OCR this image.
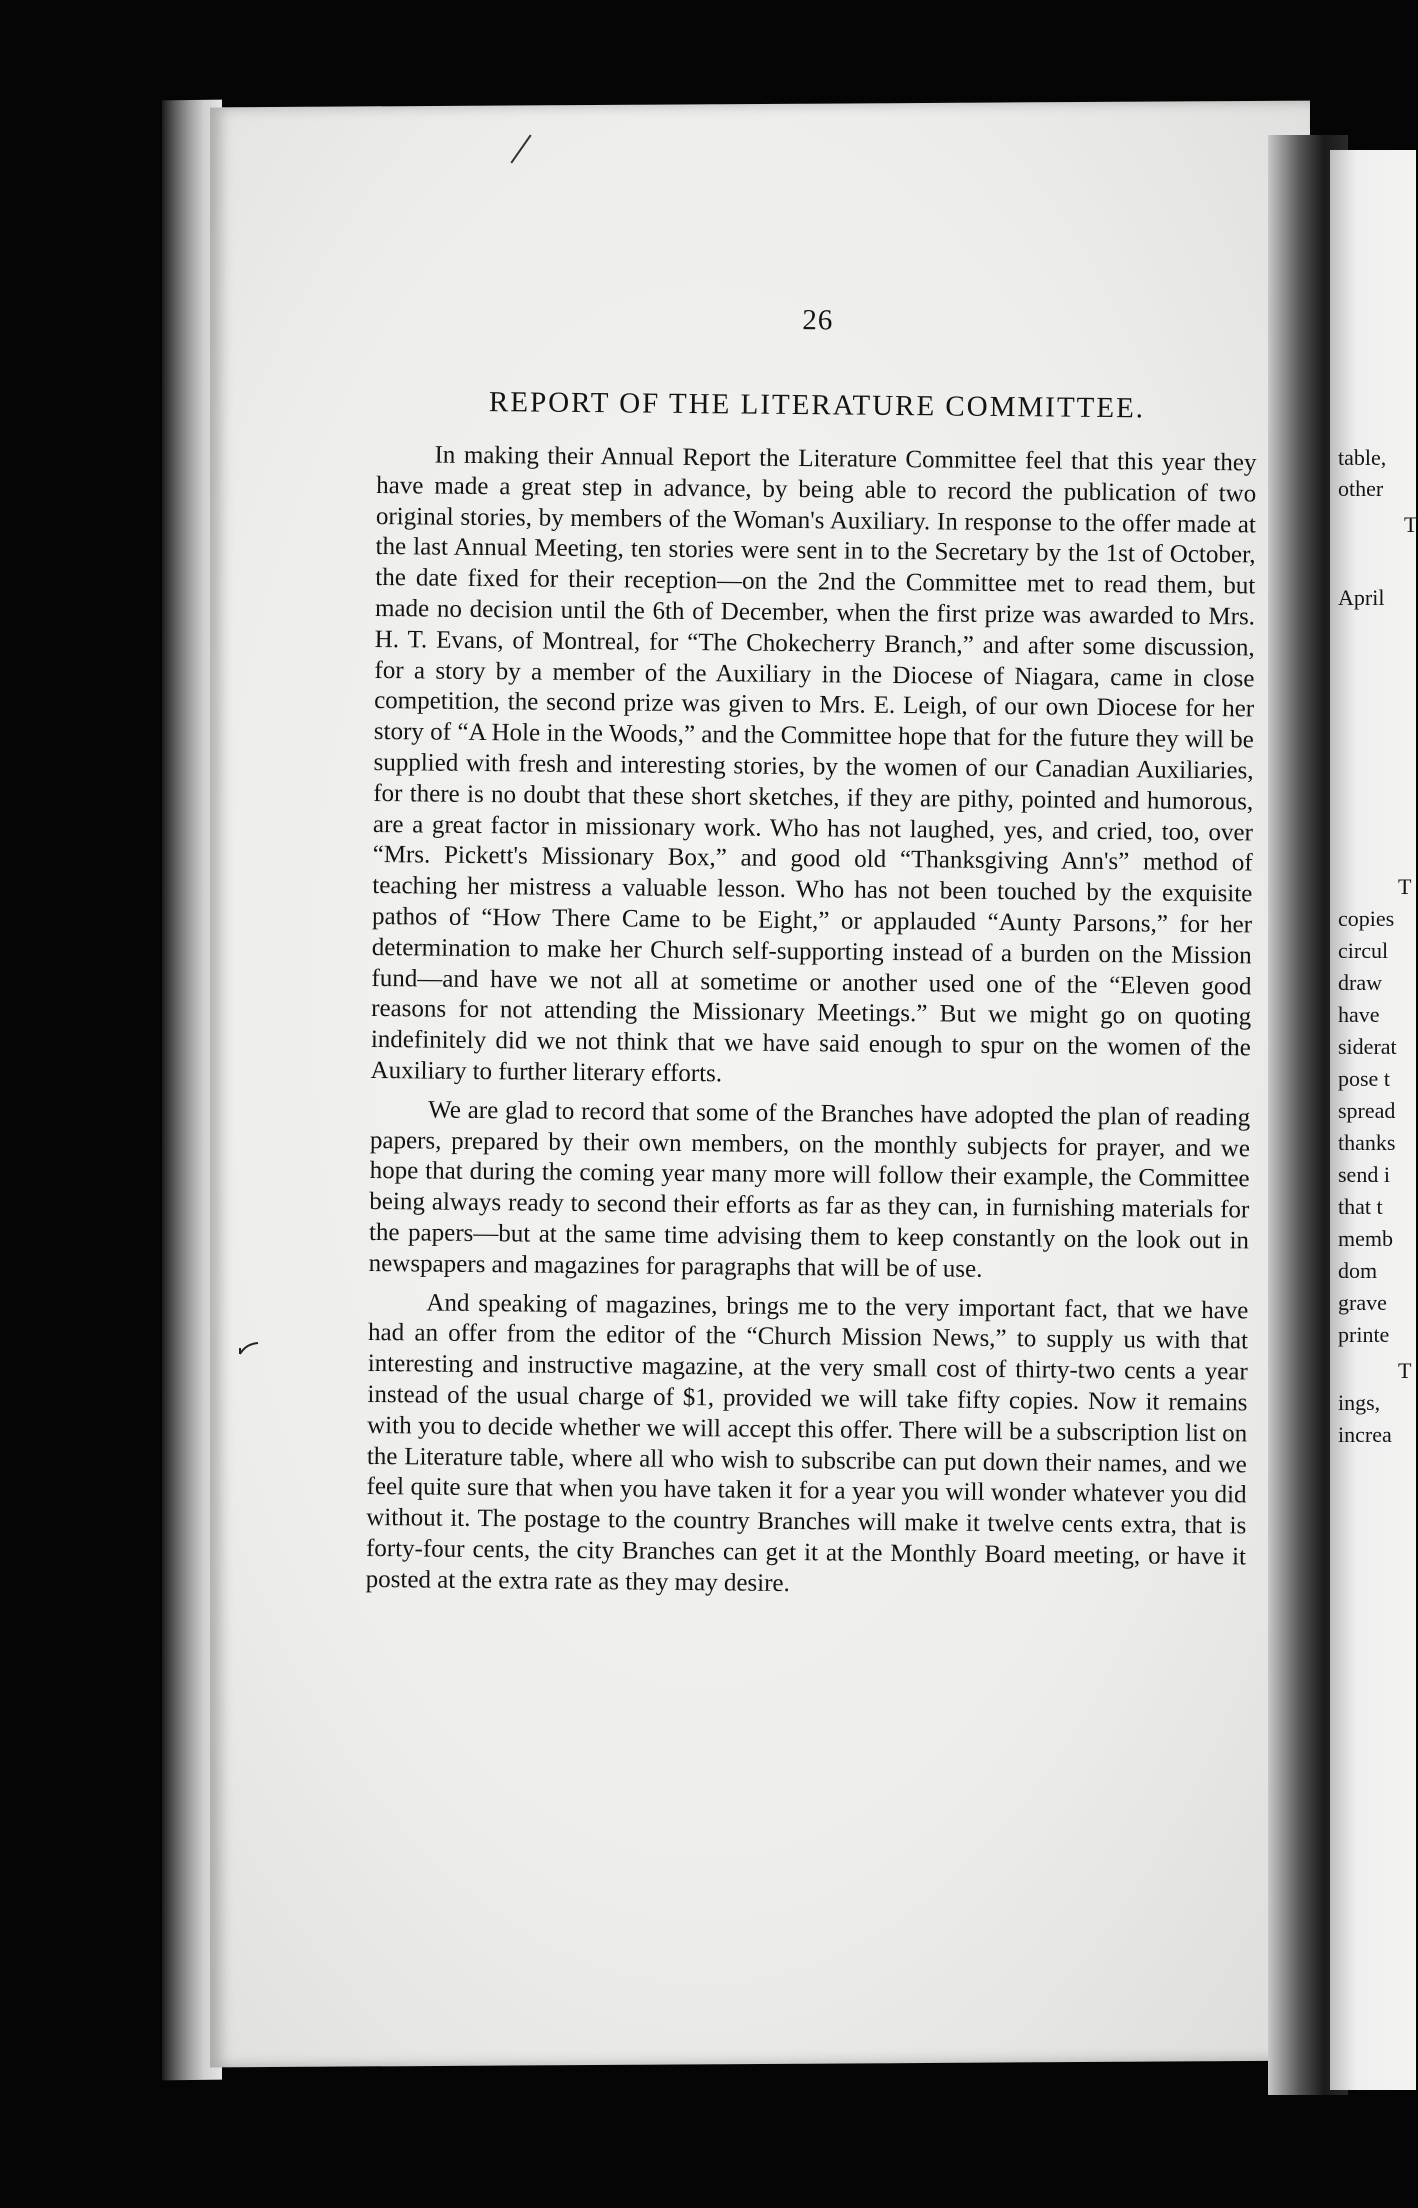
26
REPORT OF THE LITERATURE COMMITTEE.

In making their Annual Report the Literature Committee feel that this year they have made a great step in advance, by being able to record the publication of two original stories, by members of the Woman's Auxiliary. In response to the offer made at the last Annual Meeting, ten stories were sent in to the Secretary by the 1st of October, the date fixed for their reception—on the 2nd the Committee met to read them, but made no decision until the 6th of December, when the first prize was awarded to Mrs. H. T. Evans, of Montreal, for “The Chokecherry Branch,” and after some discussion, for a story by a member of the Auxiliary in the Diocese of Niagara, came in close competition, the second prize was given to Mrs. E. Leigh, of our own Diocese for her story of “A Hole in the Woods,” and the Committee hope that for the future they will be supplied with fresh and interesting stories, by the women of our Canadian Auxiliaries, for there is no doubt that these short sketches, if they are pithy, pointed and humorous, are a great factor in missionary work. Who has not laughed, yes, and cried, too, over “Mrs. Pickett's Missionary Box,” and good old “Thanksgiving Ann's” method of teaching her mistress a valuable lesson. Who has not been touched by the exquisite pathos of “How There Came to be Eight,” or applauded “Aunty Parsons,” for her determination to make her Church self-supporting instead of a burden on the Mission fund—and have we not all at sometime or another used one of the “Eleven good reasons for not attending the Missionary Meetings.” But we might go on quoting indefinitely did we not think that we have said enough to spur on the women of the Auxiliary to further literary efforts.

We are glad to record that some of the Branches have adopted the plan of reading papers, prepared by their own members, on the monthly subjects for prayer, and we hope that during the coming year many more will follow their example, the Committee being always ready to second their efforts as far as they can, in furnishing materials for the papers—but at the same time advising them to keep constantly on the look out in newspapers and magazines for paragraphs that will be of use.

And speaking of magazines, brings me to the very important fact, that we have had an offer from the editor of the “Church Mission News,” to supply us with that interesting and instructive magazine, at the very small cost of thirty-two cents a year instead of the usual charge of $1, provided we will take fifty copies. Now it remains with you to decide whether we will accept this offer. There will be a subscription list on the Literature table, where all who wish to subscribe can put down their names, and we feel quite sure that when you have taken it for a year you will wonder whatever you did without it. The postage to the country Branches will make it twelve cents extra, that is forty-four cents, the city Branches can get it at the Monthly Board meeting, or have it posted at the extra rate as they may desire.

table,
other
T
April
T
copies
circul
draw
have
siderat
pose t
spread
thanks
send i
that t
memb
dom
grave
printe
T
ings,
increa
